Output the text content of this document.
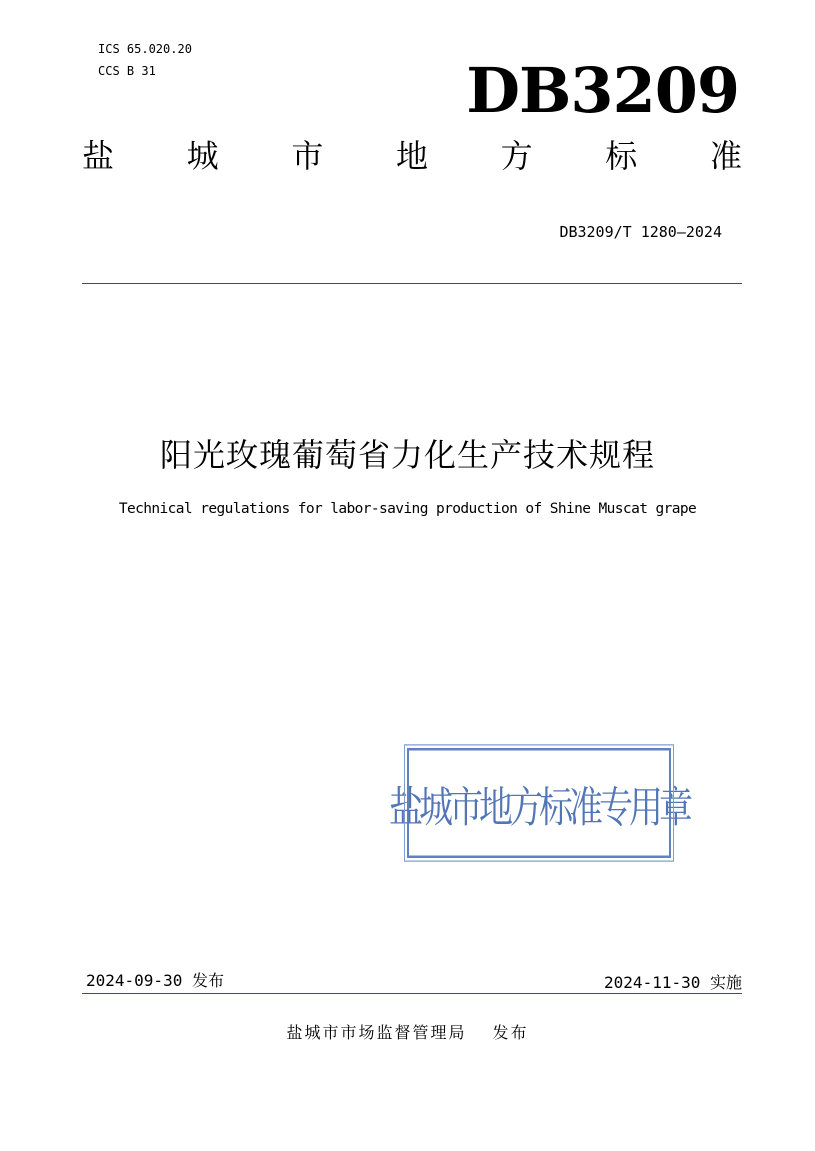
ICS 65.020.20
CCS B 31	DB3209
盐 城 市 地 方 标 准
DB3209/T 1280—2024
阳光玫瑰葡萄省力化生产技术规程
Technical regulations for labor-saving production of Shine Muscat grape
盐城市地方标准专用章
2024-09-30 发布	2024-11-30 实施
盐城市市场监督管理局 发布
